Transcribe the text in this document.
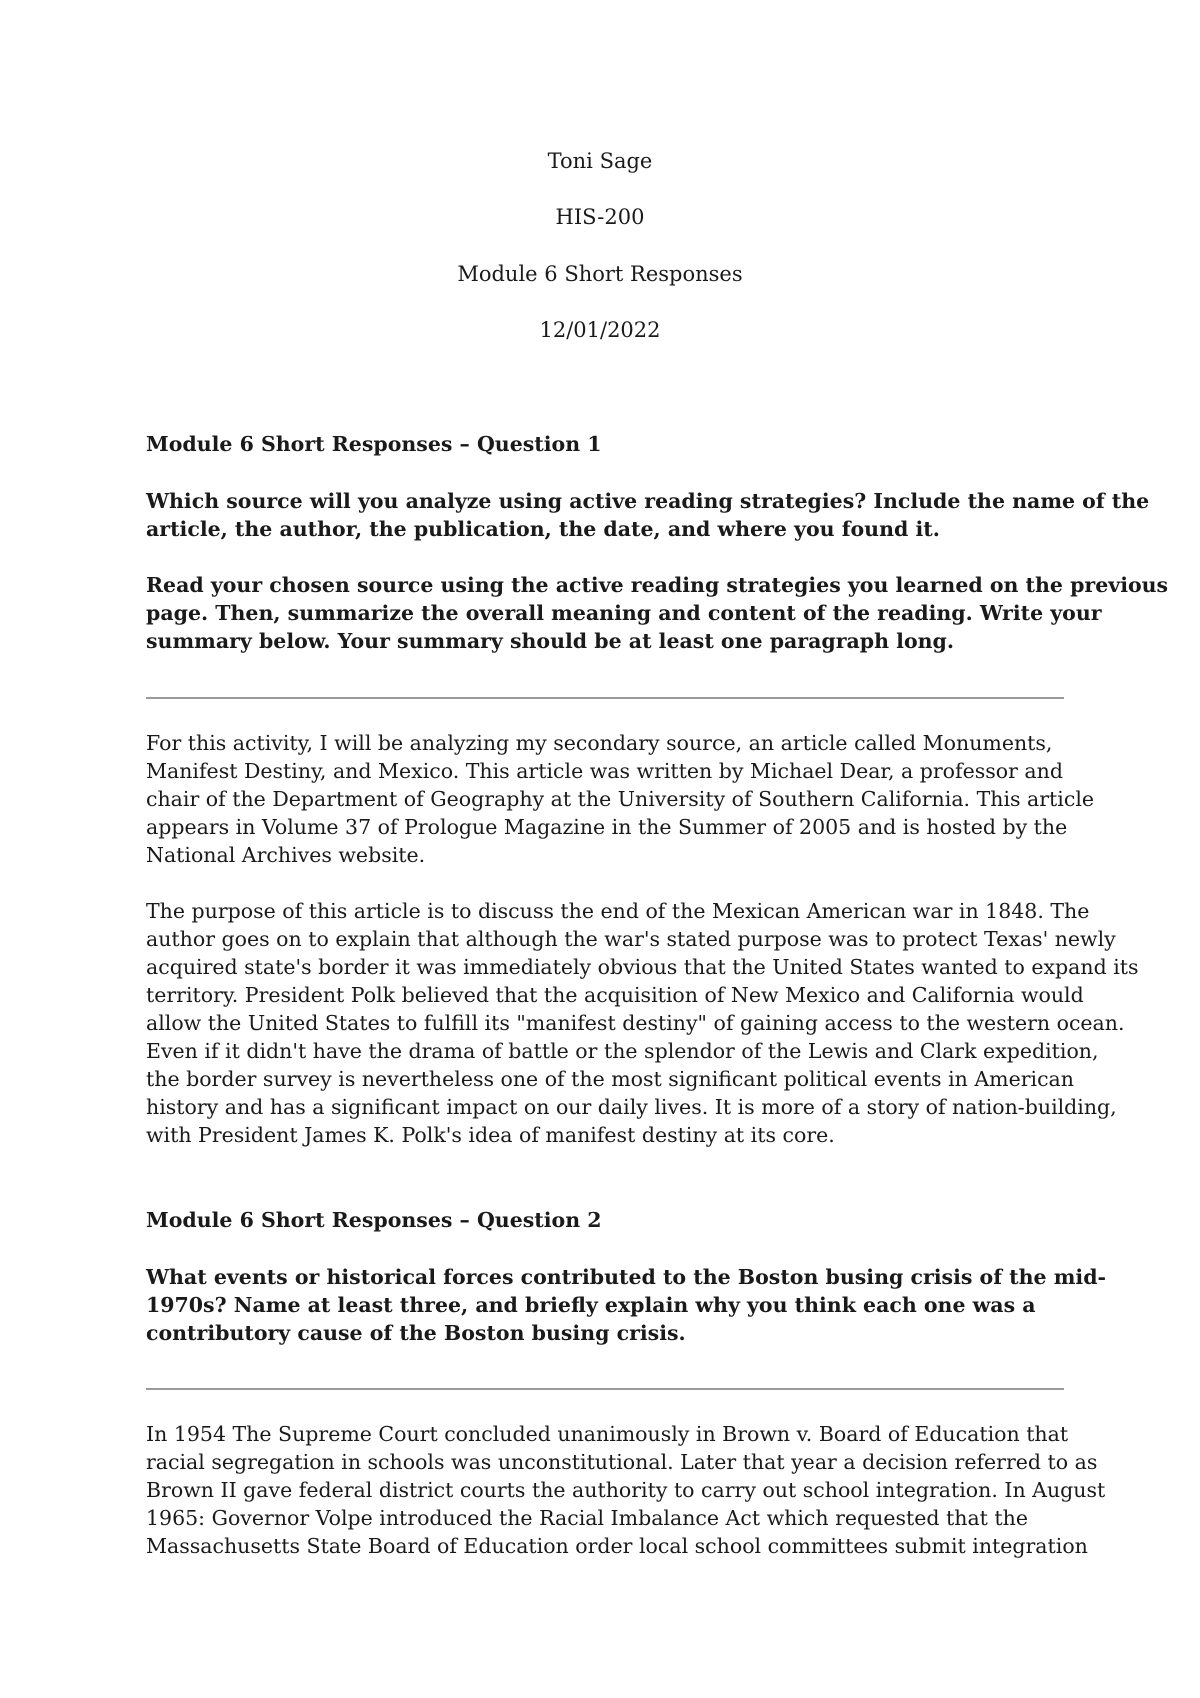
Toni Sage
HIS-200
Module 6 Short Responses
12/01/2022

Module 6 Short Responses – Question 1

Which source will you analyze using active reading strategies? Include the name of the
article, the author, the publication, the date, and where you found it.

Read your chosen source using the active reading strategies you learned on the previous
page. Then, summarize the overall meaning and content of the reading. Write your
summary below. Your summary should be at least one paragraph long.

For this activity, I will be analyzing my secondary source, an article called Monuments,
Manifest Destiny, and Mexico. This article was written by Michael Dear, a professor and
chair of the Department of Geography at the University of Southern California. This article
appears in Volume 37 of Prologue Magazine in the Summer of 2005 and is hosted by the
National Archives website.

The purpose of this article is to discuss the end of the Mexican American war in 1848. The
author goes on to explain that although the war's stated purpose was to protect Texas' newly
acquired state's border it was immediately obvious that the United States wanted to expand its
territory. President Polk believed that the acquisition of New Mexico and California would
allow the United States to fulfill its "manifest destiny" of gaining access to the western ocean.
Even if it didn't have the drama of battle or the splendor of the Lewis and Clark expedition,
the border survey is nevertheless one of the most significant political events in American
history and has a significant impact on our daily lives. It is more of a story of nation-building,
with President James K. Polk's idea of manifest destiny at its core.

Module 6 Short Responses – Question 2

What events or historical forces contributed to the Boston busing crisis of the mid-
1970s? Name at least three, and briefly explain why you think each one was a
contributory cause of the Boston busing crisis.

In 1954 The Supreme Court concluded unanimously in Brown v. Board of Education that
racial segregation in schools was unconstitutional. Later that year a decision referred to as
Brown II gave federal district courts the authority to carry out school integration. In August
1965: Governor Volpe introduced the Racial Imbalance Act which requested that the
Massachusetts State Board of Education order local school committees submit integration
